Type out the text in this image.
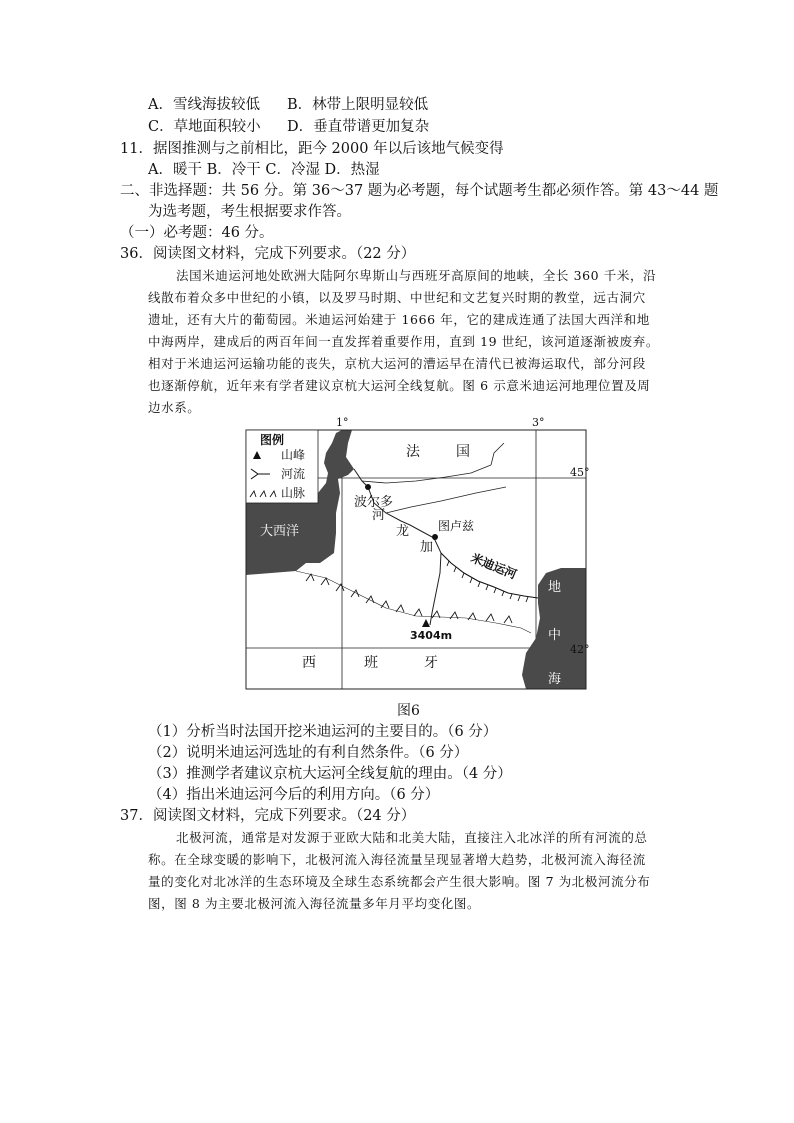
A．雪线海拔较低 B．林带上限明显较低
C．草地面积较小 D．垂直带谱更加复杂
11．据图推测与之前相比，距今 2000 年以后该地气候变得
A．暖干 B．冷干 C．冷湿 D．热湿
二、非选择题：共 56 分。第 36～37 题为必考题，每个试题考生都必须作答。第 43～44 题
为选考题，考生根据要求作答。
（一）必考题：46 分。
36．阅读图文材料，完成下列要求。（22 分）
法国米迪运河地处欧洲大陆阿尔卑斯山与西班牙高原间的地峡，全长 360 千米，沿
线散布着众多中世纪的小镇，以及罗马时期、中世纪和文艺复兴时期的教堂，远古洞穴
遗址，还有大片的葡萄园。米迪运河始建于 1666 年，它的建成连通了法国大西洋和地
中海两岸，建成后的两百年间一直发挥着重要作用，直到 19 世纪，该河道逐渐被废弃。
相对于米迪运河运输功能的丧失，京杭大运河的漕运早在清代已被海运取代，部分河段
也逐渐停航，近年来有学者建议京杭大运河全线复航。图 6 示意米迪运河地理位置及周
边水系。
图例
山峰
河流
山脉
1°	3°
45°
42°
法	国
西	班	牙
大西洋
地
中
海
波尔多
图卢兹
河
龙
加
米迪运河
3404m
图6
（1）分析当时法国开挖米迪运河的主要目的。（6 分）
（2）说明米迪运河选址的有利自然条件。（6 分）
（3）推测学者建议京杭大运河全线复航的理由。（4 分）
（4）指出米迪运河今后的利用方向。（6 分）
37．阅读图文材料，完成下列要求。（24 分）
北极河流，通常是对发源于亚欧大陆和北美大陆，直接注入北冰洋的所有河流的总
称。在全球变暖的影响下，北极河流入海径流量呈现显著增大趋势，北极河流入海径流
量的变化对北冰洋的生态环境及全球生态系统都会产生很大影响。图 7 为北极河流分布
图，图 8 为主要北极河流入海径流量多年月平均变化图。
